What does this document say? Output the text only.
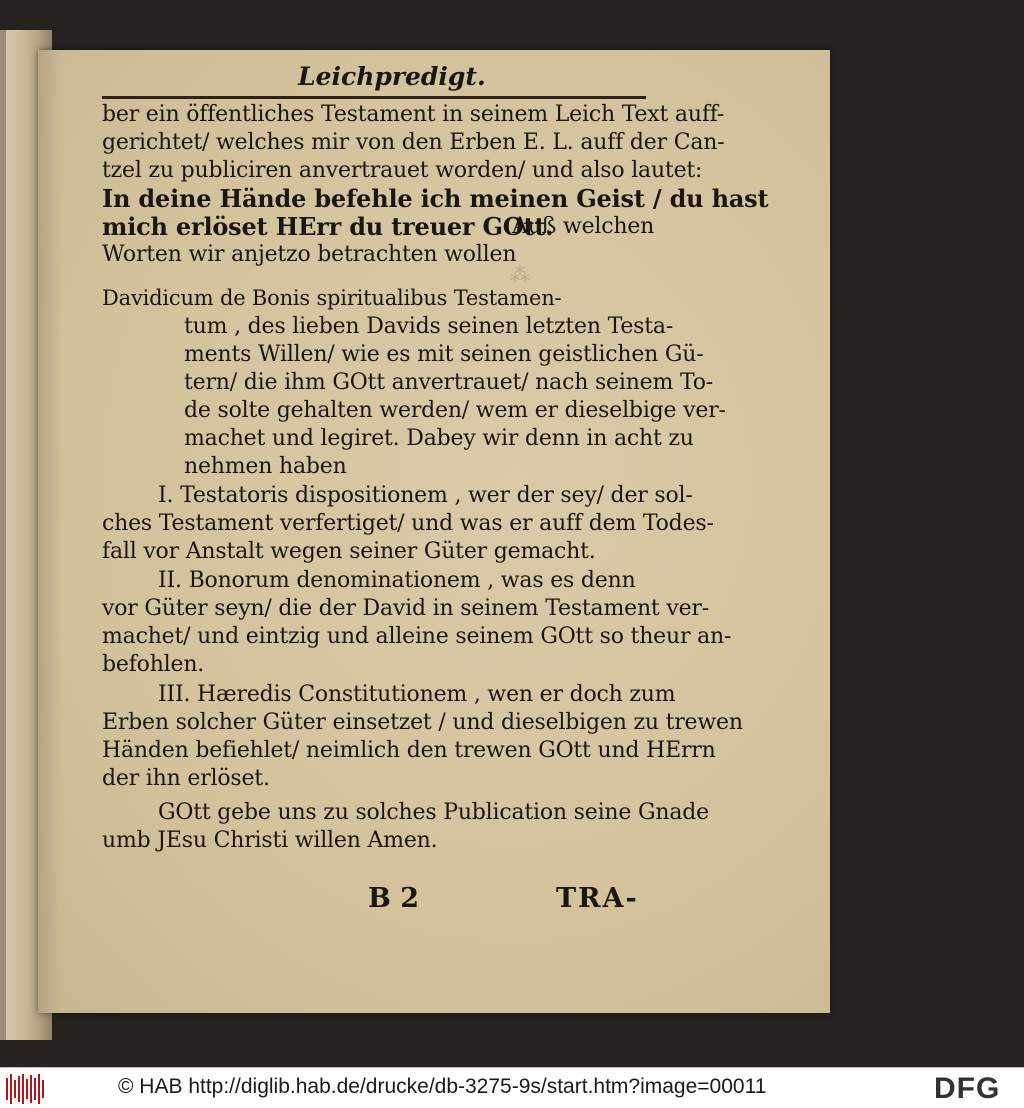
⁂
Leichpredigt.
ber ein öffentliches Testament in seinem Leich Text auff-
gerichtet/ welches mir von den Erben E. L. auff der Can-
tzel zu publiciren anvertrauet worden/ und also lautet:
In deine Hände befehle ich meinen Geist / du hast
mich erlöset HErr du treuer GOtt.
Auß welchen
Worten wir anjetzo betrachten wollen
Davidicum de Bonis spiritualibus Testamen-
tum , des lieben Davids seinen letzten Testa-
ments Willen/ wie es mit seinen geistlichen Gü-
tern/ die ihm GOtt anvertrauet/ nach seinem To-
de solte gehalten werden/ wem er dieselbige ver-
machet und legiret. Dabey wir denn in acht zu
nehmen haben
I. Testatoris dispositionem , wer der sey/ der sol-
ches Testament verfertiget/ und was er auff dem Todes-
fall vor Anstalt wegen seiner Güter gemacht.
II. Bonorum denominationem , was es denn
vor Güter seyn/ die der David in seinem Testament ver-
machet/ und eintzig und alleine seinem GOtt so theur an-
befohlen.
III. Hæredis Constitutionem , wen er doch zum
Erben solcher Güter einsetzet / und dieselbigen zu trewen
Händen befiehlet/ neimlich den trewen GOtt und HErrn
der ihn erlöset.
GOtt gebe uns zu solches Publication seine Gnade
umb JEsu Christi willen Amen.
B 2	TRA-
© HAB http://diglib.hab.de/drucke/db-3275-9s/start.htm?image=00011	DFG
